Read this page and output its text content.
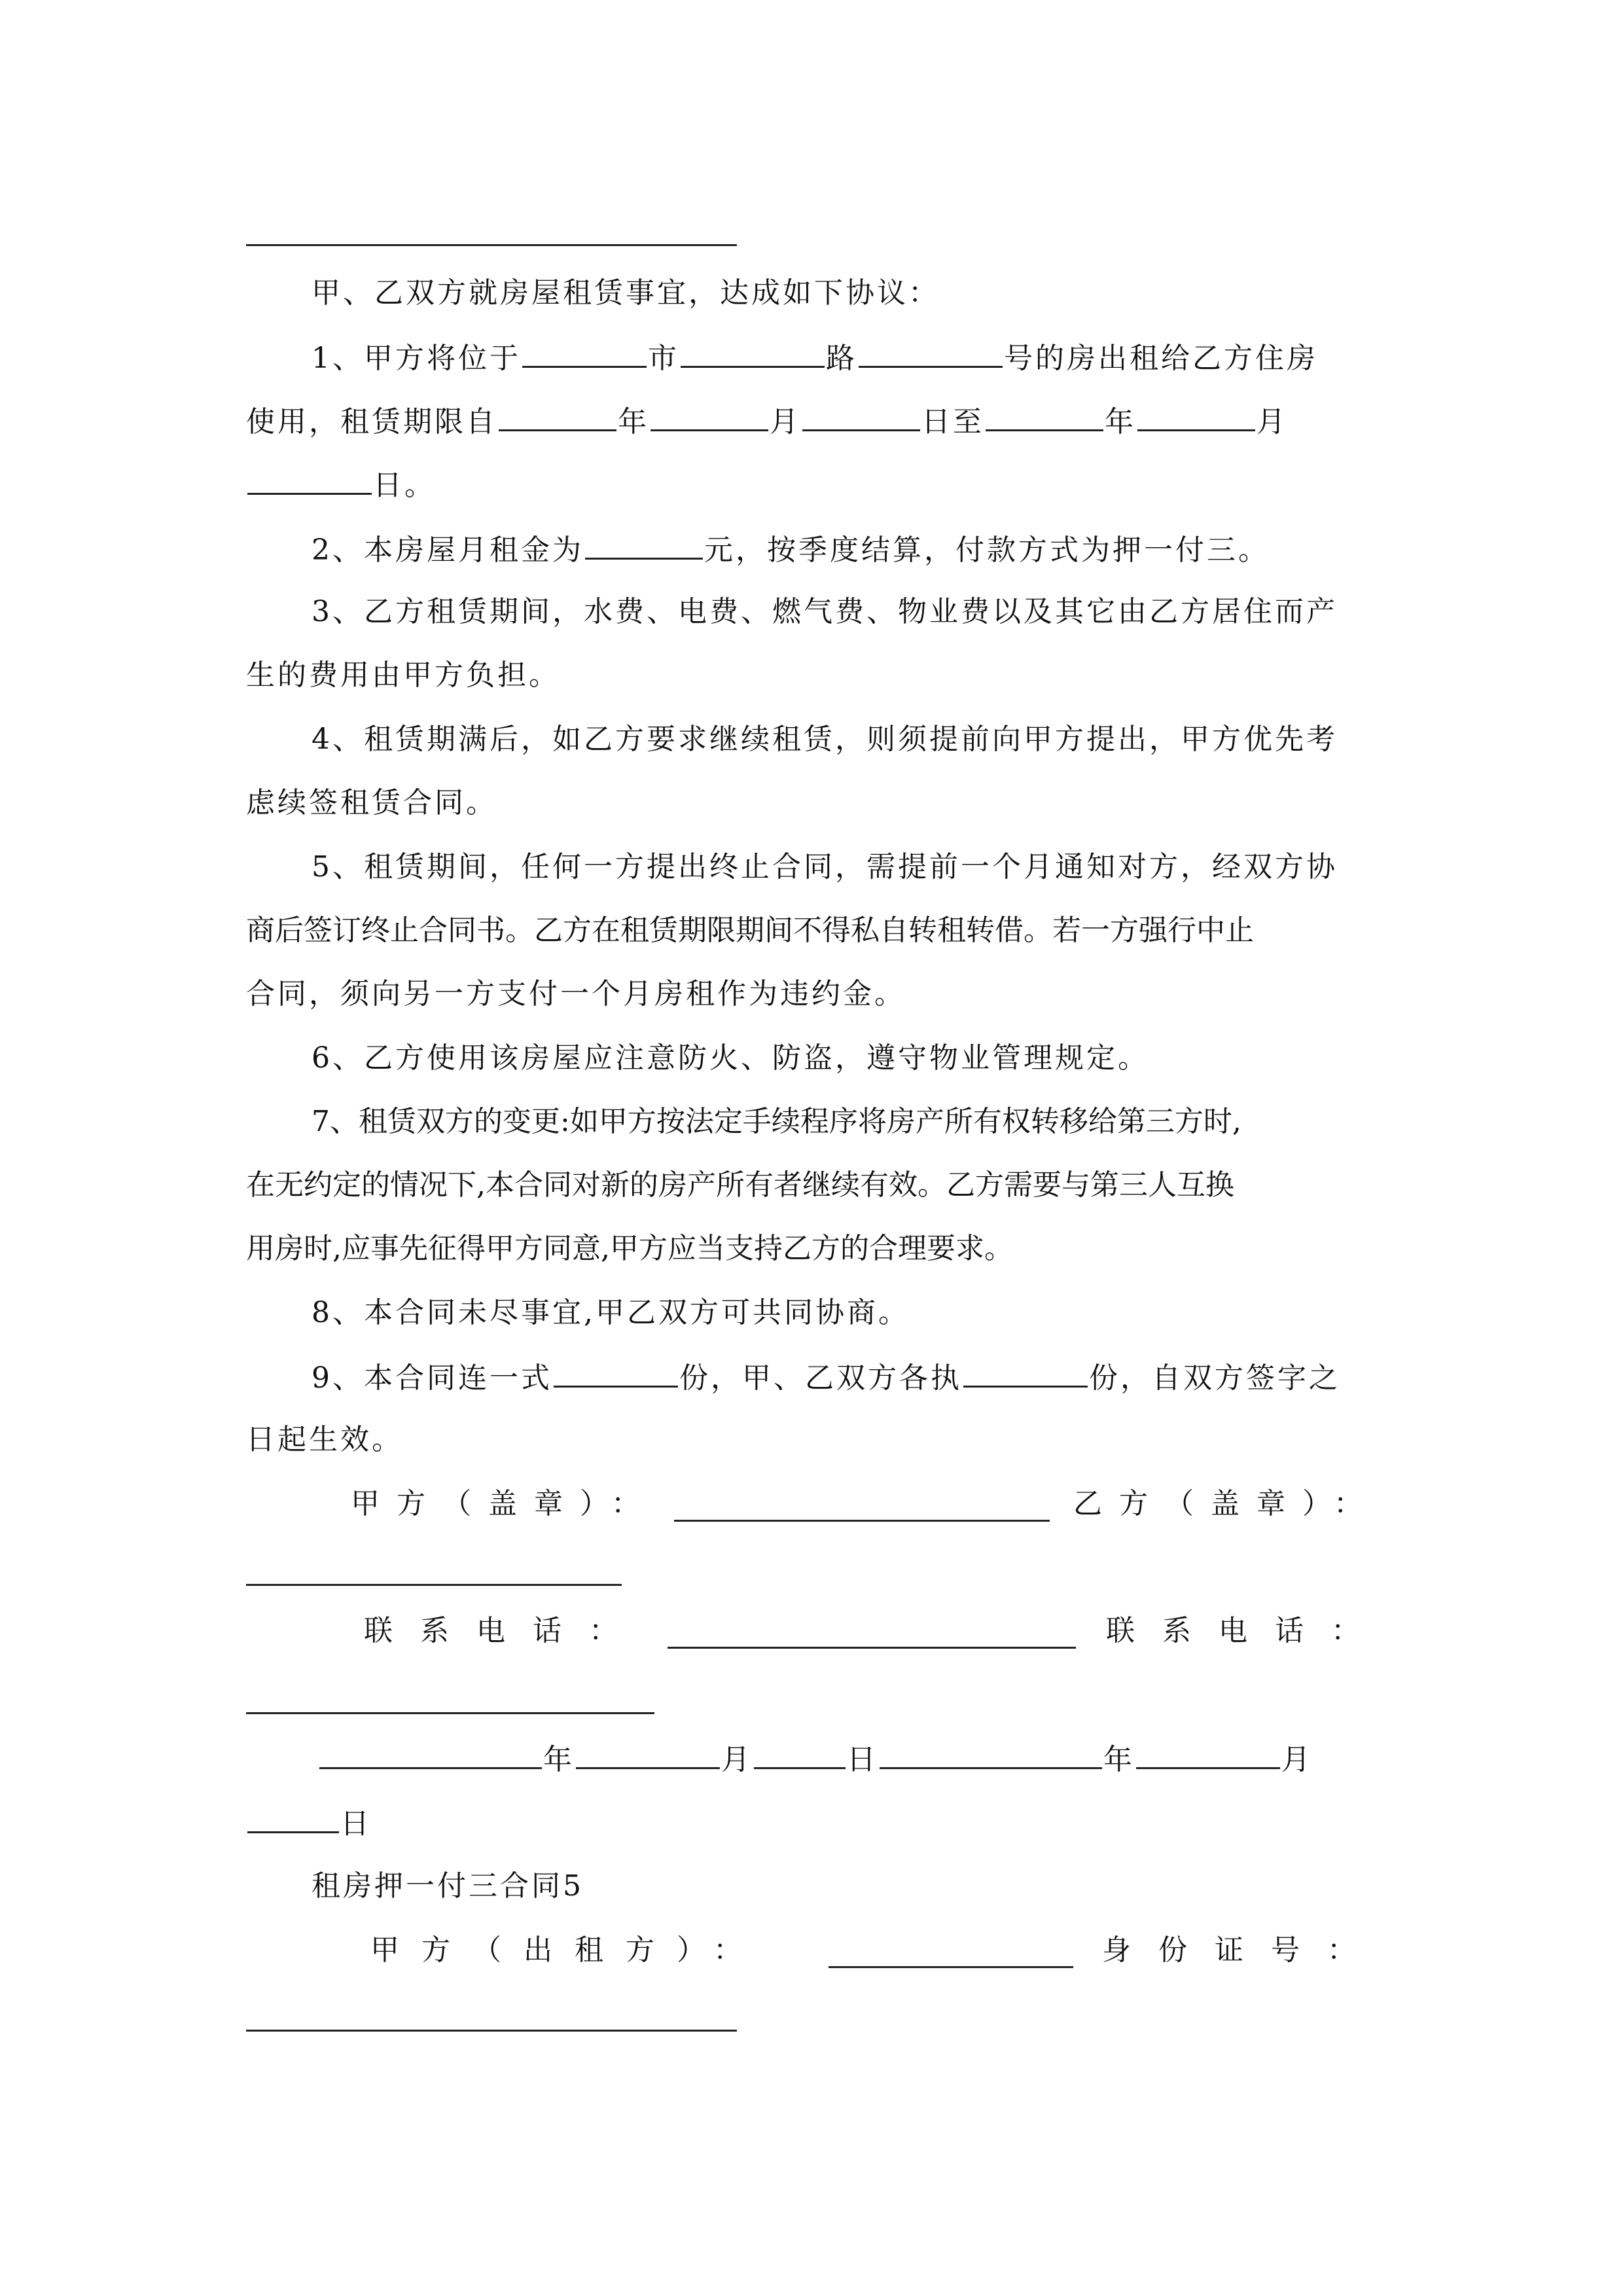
甲、乙双方就房屋租赁事宜，达成如下协议：
1、甲方将位于	市	路	号的房出租给乙方住房
使用，租赁期限自	年	月	日至	年	月
日。
2、本房屋月租金为	元，按季度结算，付款方式为押一付三。
3、乙方租赁期间，水费、电费、燃气费、物业费以及其它由乙方居住而产
生的费用由甲方负担。
4、租赁期满后，如乙方要求继续租赁，则须提前向甲方提出，甲方优先考
虑续签租赁合同。
5、租赁期间，任何一方提出终止合同，需提前一个月通知对方，经双方协
商后签订终止合同书。乙方在租赁期限期间不得私自转租转借。若一方强行中止
合同，须向另一方支付一个月房租作为违约金。
6、乙方使用该房屋应注意防火、防盗，遵守物业管理规定。
7、租赁双方的变更:如甲方按法定手续程序将房产所有权转移给第三方时,
在无约定的情况下,本合同对新的房产所有者继续有效。乙方需要与第三人互换
用房时,应事先征得甲方同意,甲方应当支持乙方的合理要求。
8、本合同未尽事宜,甲乙双方可共同协商。
9、本合同连一式	份，甲、乙双方各执	份，自双方签字之
日起生效。
甲方（盖章）：	乙方（盖章）：
联系电话：	联系电话：
年	月	日	年	月
日
租房押一付三合同5
甲方（出租方）：	身份证号：
